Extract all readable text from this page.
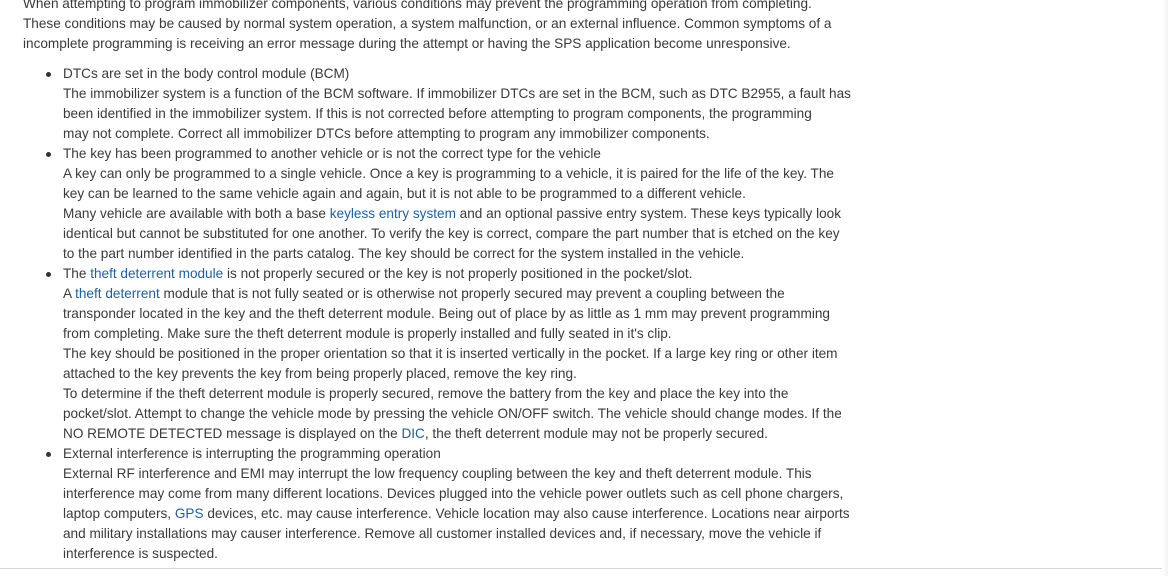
When attempting to program immobilizer components, various conditions may prevent the programming operation from completing.
These conditions may be caused by normal system operation, a system malfunction, or an external influence. Common symptoms of a
incomplete programming is receiving an error message during the attempt or having the SPS application become unresponsive.

DTCs are set in the body control module (BCM)
The immobilizer system is a function of the BCM software. If immobilizer DTCs are set in the BCM, such as DTC B2955, a fault has
been identified in the immobilizer system. If this is not corrected before attempting to program components, the programming
may not complete. Correct all immobilizer DTCs before attempting to program any immobilizer components.
The key has been programmed to another vehicle or is not the correct type for the vehicle
A key can only be programmed to a single vehicle. Once a key is programming to a vehicle, it is paired for the life of the key. The
key can be learned to the same vehicle again and again, but it is not able to be programmed to a different vehicle.
Many vehicle are available with both a base keyless entry system and an optional passive entry system. These keys typically look
identical but cannot be substituted for one another. To verify the key is correct, compare the part number that is etched on the key
to the part number identified in the parts catalog. The key should be correct for the system installed in the vehicle.
The theft deterrent module is not properly secured or the key is not properly positioned in the pocket/slot.
A theft deterrent module that is not fully seated or is otherwise not properly secured may prevent a coupling between the
transponder located in the key and the theft deterrent module. Being out of place by as little as 1 mm may prevent programming
from completing. Make sure the theft deterrent module is properly installed and fully seated in it's clip.
The key should be positioned in the proper orientation so that it is inserted vertically in the pocket. If a large key ring or other item
attached to the key prevents the key from being properly placed, remove the key ring.
To determine if the theft deterrent module is properly secured, remove the battery from the key and place the key into the
pocket/slot. Attempt to change the vehicle mode by pressing the vehicle ON/OFF switch. The vehicle should change modes. If the
NO REMOTE DETECTED message is displayed on the DIC, the theft deterrent module may not be properly secured.
External interference is interrupting the programming operation
External RF interference and EMI may interrupt the low frequency coupling between the key and theft deterrent module. This
interference may come from many different locations. Devices plugged into the vehicle power outlets such as cell phone chargers,
laptop computers, GPS devices, etc. may cause interference. Vehicle location may also cause interference. Locations near airports
and military installations may causer interference. Remove all customer installed devices and, if necessary, move the vehicle if
interference is suspected.
